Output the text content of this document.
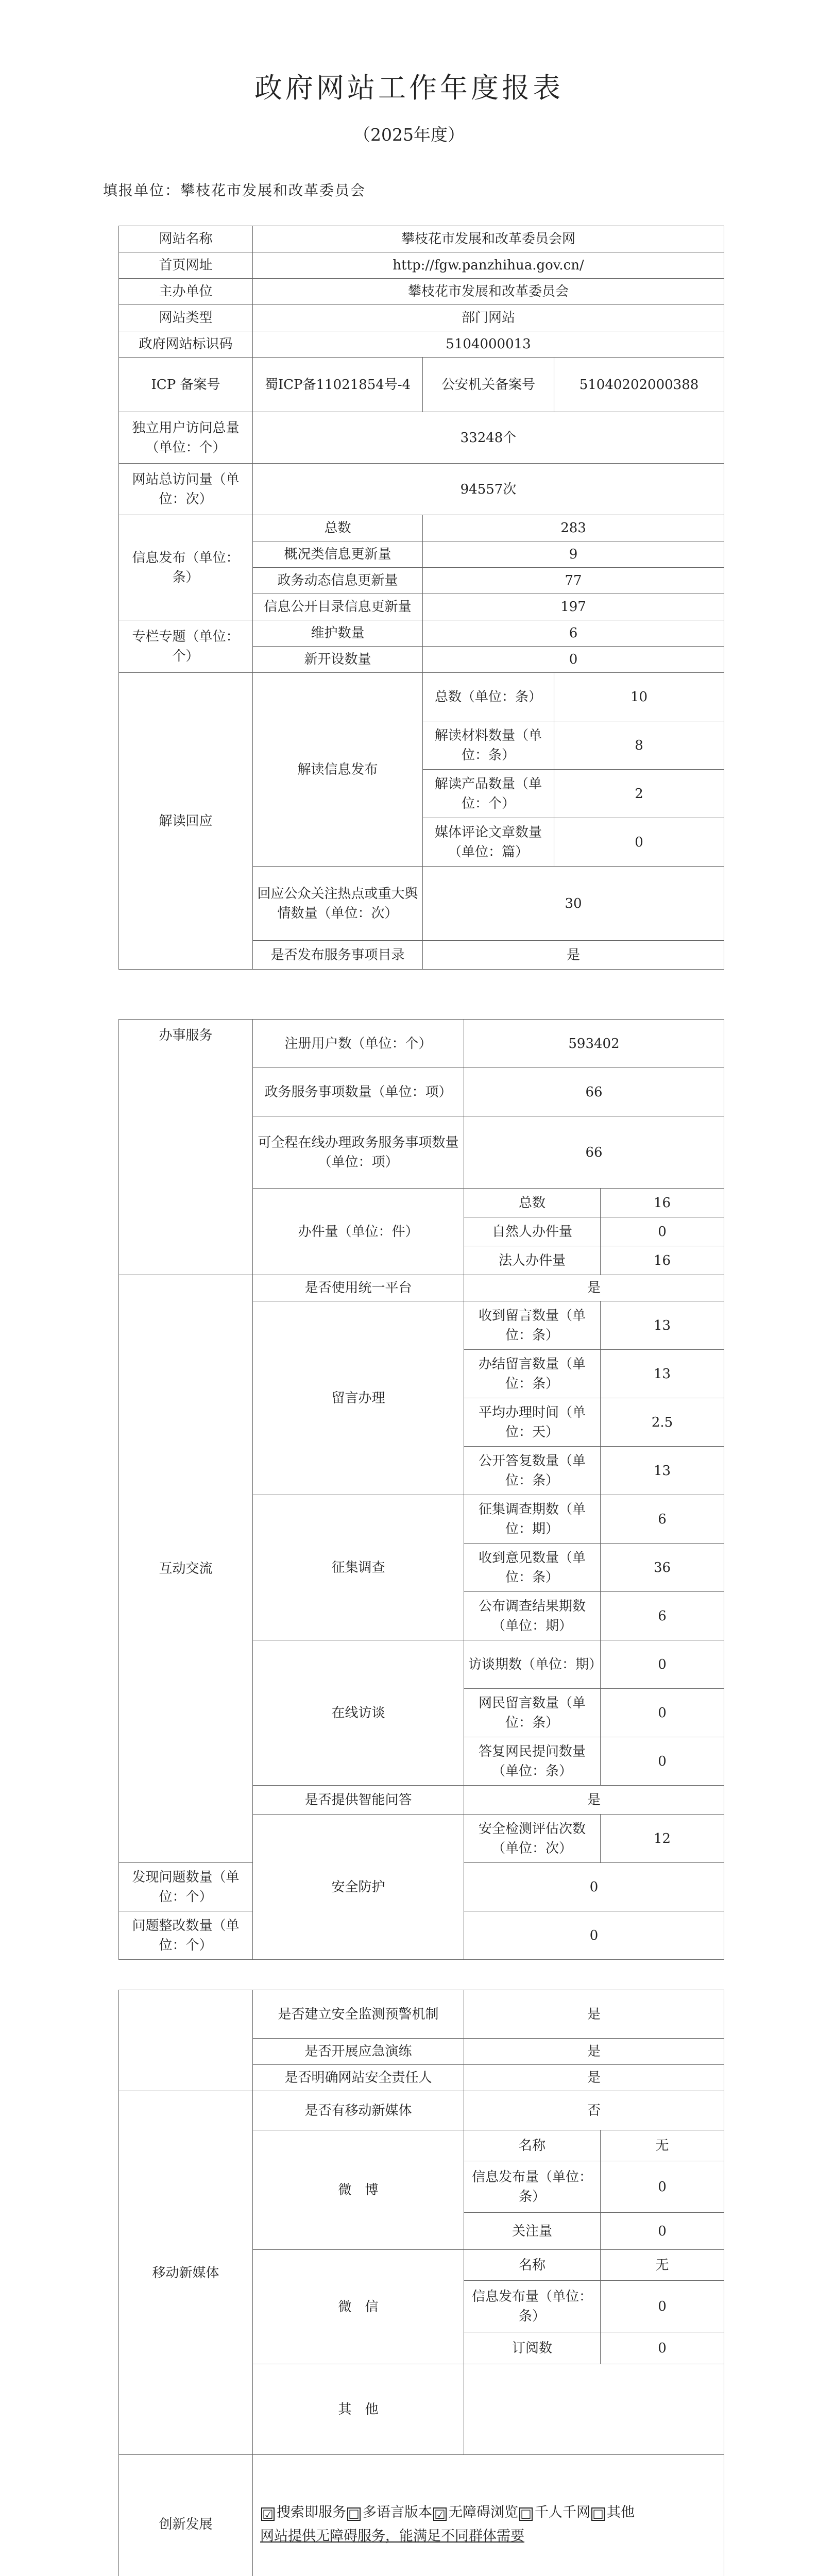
政府网站工作年度报表
（2025年度）
填报单位：攀枝花市发展和改革委员会
网站名称	攀枝花市发展和改革委员会网		
首页网址	http://fgw.panzhihua.gov.cn/		
主办单位	攀枝花市发展和改革委员会		
网站类型	部门网站		
政府网站标识码	5104000013		
ICP 备案号	蜀ICP备11021854号-4	公安机关备案号	51040202000388
独立用户访问总量（单位：个）	33248个		
网站总访问量（单位：次）	94557次		
信息发布（单位：条）	总数	283	
	概况类信息更新量	9	
	政务动态信息更新量	77	
	信息公开目录信息更新量	197	
专栏专题（单位：个）	维护数量	6	
	新开设数量	0	
解读回应	解读信息发布	总数（单位：条）	10
		解读材料数量（单位：条）	8
		解读产品数量（单位：个）	2
		媒体评论文章数量（单位：篇）	0
	回应公众关注热点或重大舆情数量（单位：次）	30	
	是否发布服务事项目录	是	
办事服务	注册用户数（单位：个）	593402	
	政务服务事项数量（单位：项）	66	
	可全程在线办理政务服务事项数量（单位：项）	66	
	办件量（单位：件）	总数	16
		自然人办件量	0
		法人办件量	16
互动交流	是否使用统一平台	是	
	留言办理	收到留言数量（单位：条）	13
		办结留言数量（单位：条）	13
		平均办理时间（单位：天）	2.5
		公开答复数量（单位：条）	13
	征集调查	征集调查期数（单位：期）	6
		收到意见数量（单位：条）	36
		公布调查结果期数（单位：期）	6
	在线访谈	访谈期数（单位：期）	0
		网民留言数量（单位：条）	0
		答复网民提问数量（单位：条）	0
	是否提供智能问答	是	
	安全防护	安全检测评估次数（单位：次）	12
发现问题数量（单位：个）		0	
问题整改数量（单位：个）		0	
	是否建立安全监测预警机制	是	
	是否开展应急演练	是	
	是否明确网站安全责任人	是	
移动新媒体	是否有移动新媒体	否	
	微　博	名称	无
		信息发布量（单位：条）	0
		关注量	0
	微　信	名称	无
		信息发布量（单位：条）	0
		订阅数	0
	其　他		
创新发展	☑ 搜索即服务 ☐ 多语言版本 ☑ 无障碍浏览 ☐ 千人千网 ☐ 其他
网站提供无障碍服务，能满足不同群体需要		
